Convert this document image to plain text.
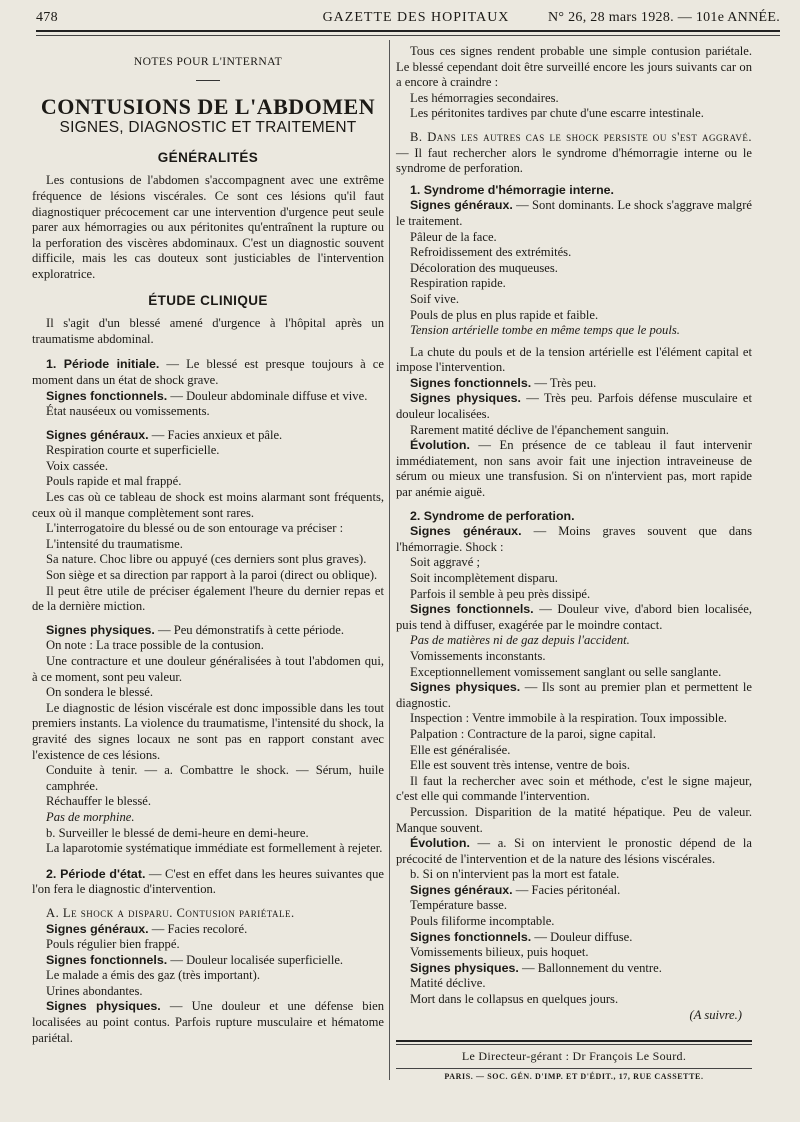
478	GAZETTE DES HOPITAUX	N° 26, 28 mars 1928. — 101e ANNÉE.

NOTES POUR L'INTERNAT

CONTUSIONS DE L'ABDOMEN

SIGNES, DIAGNOSTIC ET TRAITEMENT

GÉNÉRALITÉS

Les contusions de l'abdomen s'accompagnent avec une extrême fréquence de lésions viscérales. Ce sont ces lésions qu'il faut diagnostiquer précocement car une intervention d'urgence peut seule parer aux hémorragies ou aux péritonites qu'entraînent la rupture ou la perforation des viscères abdominaux. C'est un diagnostic souvent difficile, mais les cas douteux sont justiciables de l'intervention exploratrice.

ÉTUDE CLINIQUE

Il s'agit d'un blessé amené d'urgence à l'hôpital après un traumatisme abdominal.

1. Période initiale. — Le blessé est presque toujours à ce moment dans un état de shock grave.

Signes fonctionnels. — Douleur abdominale diffuse et vive.

État nauséeux ou vomissements.

Signes généraux. — Facies anxieux et pâle.

Respiration courte et superficielle.

Voix cassée.

Pouls rapide et mal frappé.

Les cas où ce tableau de shock est moins alarmant sont fréquents, ceux où il manque complètement sont rares.

L'interrogatoire du blessé ou de son entourage va préciser :

L'intensité du traumatisme.

Sa nature. Choc libre ou appuyé (ces derniers sont plus graves).

Son siège et sa direction par rapport à la paroi (direct ou oblique).

Il peut être utile de préciser également l'heure du dernier repas et de la dernière miction.

Signes physiques. — Peu démonstratifs à cette période.

On note : La trace possible de la contusion.

Une contracture et une douleur généralisées à tout l'abdomen qui, à ce moment, sont peu valeur.

On sondera le blessé.

Le diagnostic de lésion viscérale est donc impossible dans les tout premiers instants. La violence du traumatisme, l'intensité du shock, la gravité des signes locaux ne sont pas en rapport constant avec l'existence de ces lésions.

Conduite à tenir. — a. Combattre le shock. — Sérum, huile camphrée.

Réchauffer le blessé.

Pas de morphine.

b. Surveiller le blessé de demi-heure en demi-heure.

La laparotomie systématique immédiate est formellement à rejeter.

2. Période d'état. — C'est en effet dans les heures suivantes que l'on fera le diagnostic d'intervention.

A. Le shock a disparu. Contusion pariétale.

Signes généraux. — Facies recoloré.

Pouls régulier bien frappé.

Signes fonctionnels. — Douleur localisée superficielle.

Le malade a émis des gaz (très important).

Urines abondantes.

Signes physiques. — Une douleur et une défense bien localisées au point contus. Parfois rupture musculaire et hématome pariétal.

Tous ces signes rendent probable une simple contusion pariétale. Le blessé cependant doit être surveillé encore les jours suivants car on a encore à craindre :

Les hémorragies secondaires.

Les péritonites tardives par chute d'une escarre intestinale.

B. Dans les autres cas le shock persiste ou s'est aggravé. — Il faut rechercher alors le syndrome d'hémorragie interne ou le syndrome de perforation.

1. Syndrome d'hémorragie interne.

Signes généraux. — Sont dominants. Le shock s'aggrave malgré le traitement.

Pâleur de la face.

Refroidissement des extrémités.

Décoloration des muqueuses.

Respiration rapide.

Soif vive.

Pouls de plus en plus rapide et faible.

Tension artérielle tombe en même temps que le pouls.

La chute du pouls et de la tension artérielle est l'élément capital et impose l'intervention.

Signes fonctionnels. — Très peu.

Signes physiques. — Très peu. Parfois défense musculaire et douleur localisées.

Rarement matité déclive de l'épanchement sanguin.

Évolution. — En présence de ce tableau il faut intervenir immédiatement, non sans avoir fait une injection intraveineuse de sérum ou mieux une transfusion. Si on n'intervient pas, mort rapide par anémie aiguë.

2. Syndrome de perforation.

Signes généraux. — Moins graves souvent que dans l'hémorragie. Shock :

Soit aggravé ;

Soit incomplètement disparu.

Parfois il semble à peu près dissipé.

Signes fonctionnels. — Douleur vive, d'abord bien localisée, puis tend à diffuser, exagérée par le moindre contact.

Pas de matières ni de gaz depuis l'accident.

Vomissements inconstants.

Exceptionnellement vomissement sanglant ou selle sanglante.

Signes physiques. — Ils sont au premier plan et permettent le diagnostic.

Inspection : Ventre immobile à la respiration. Toux impossible.

Palpation : Contracture de la paroi, signe capital.

Elle est généralisée.

Elle est souvent très intense, ventre de bois.

Il faut la rechercher avec soin et méthode, c'est le signe majeur, c'est elle qui commande l'intervention.

Percussion. Disparition de la matité hépatique. Peu de valeur. Manque souvent.

Évolution. — a. Si on intervient le pronostic dépend de la précocité de l'intervention et de la nature des lésions viscérales.

b. Si on n'intervient pas la mort est fatale.

Signes généraux. — Facies péritonéal.

Température basse.

Pouls filiforme incomptable.

Signes fonctionnels. — Douleur diffuse.

Vomissements bilieux, puis hoquet.

Signes physiques. — Ballonnement du ventre.

Matité déclive.

Mort dans le collapsus en quelques jours.

(A suivre.)

Le Directeur-gérant : Dr François Le Sourd.
PARIS. — SOC. GÉN. D'IMP. ET D'ÉDIT., 17, RUE CASSETTE.
